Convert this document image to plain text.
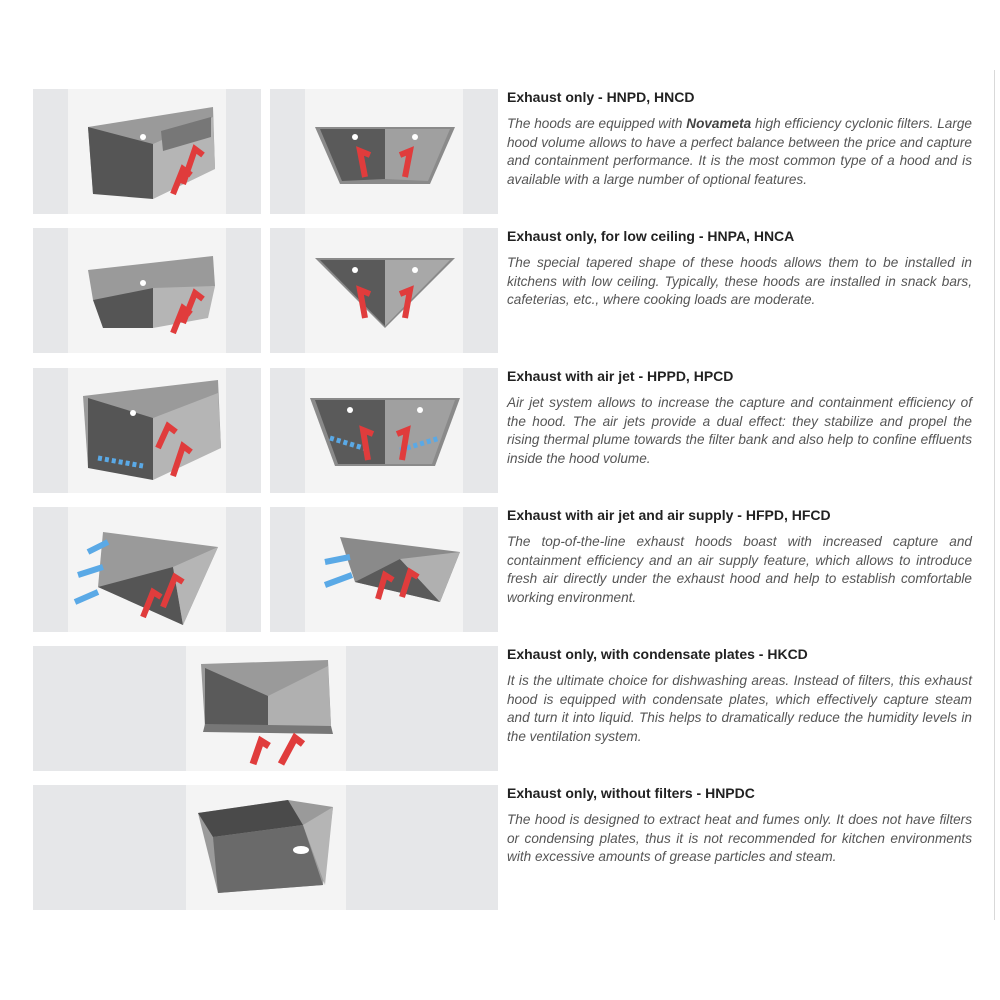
Exhaust only - HNPD, HNCD

The hoods are equipped with Novameta high efficiency cyclonic filters. Large hood volume allows to have a perfect balance between the price and capture and containment performance. It is the most common type of a hood and is available with a large number of optional features.

Exhaust only, for low ceiling - HNPA, HNCA

The special tapered shape of these hoods allows them to be installed in kitchens with low ceiling. Typically, these hoods are installed in snack bars, cafeterias, etc., where cooking loads are moderate.

Exhaust with air jet - HPPD, HPCD

Air jet system allows to increase the capture and containment efficiency of the hood. The air jets provide a dual effect: they stabilize and propel the rising thermal plume towards the filter bank and also help to confine effluents inside the hood volume.

Exhaust with air jet and air supply - HFPD, HFCD

The top-of-the-line exhaust hoods boast with increased capture and containment efficiency and an air supply feature, which allows to introduce fresh air directly under the exhaust hood and help to establish comfortable working environment.

Exhaust only, with condensate plates - HKCD

It is the ultimate choice for dishwashing areas. Instead of filters, this exhaust hood is equipped with condensate plates, which effectively capture steam and turn it into liquid. This helps to dramatically reduce the humidity levels in the ventilation system.

Exhaust only, without filters - HNPDC

The hood is designed to extract heat and fumes only. It does not have filters or condensing plates, thus it is not recommended for kitchen environments with excessive amounts of grease particles and steam.
